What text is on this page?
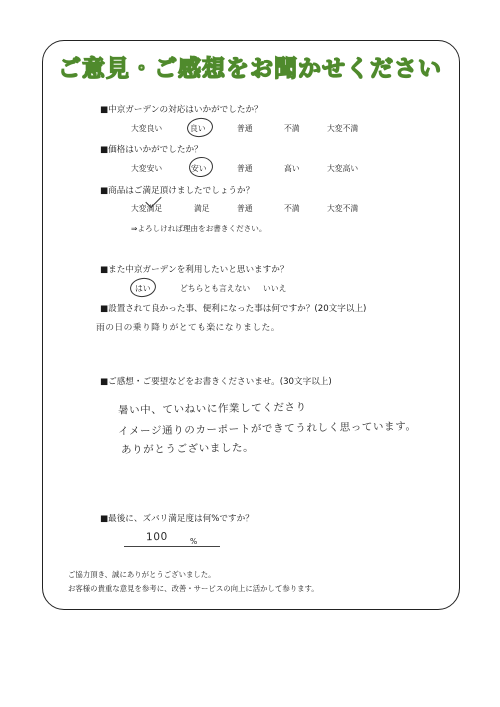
ご意見・ご感想をお聞かせください
■中京ガーデンの対応はいかがでしたか？
大変良い	良い	普通	不満	大変不満
■価格はいかがでしたか？
大変安い	安い	普通	高い	大変高い
■商品はご満足頂けましたでしょうか？
大変満足	満足	普通	不満	大変不満
⇒よろしければ理由をお書きください。
■また中京ガーデンを利用したいと思いますか？
はい	どちらとも言えない いいえ
■設置されて良かった事、便利になった事は何ですか？(20文字以上)
雨の日の乗り降りがとても楽になりました。
■ご感想・ご要望などをお書きくださいませ。(30文字以上)
暑い中、ていねいに作業してくださり
イメージ通りのカーポートができてうれしく思っています。
ありがとうございました。
■最後に、ズバリ満足度は何%ですか？
100	%
ご協力頂き、誠にありがとうございました。
お客様の貴重な意見を参考に、改善・サービスの向上に活かして参ります。
